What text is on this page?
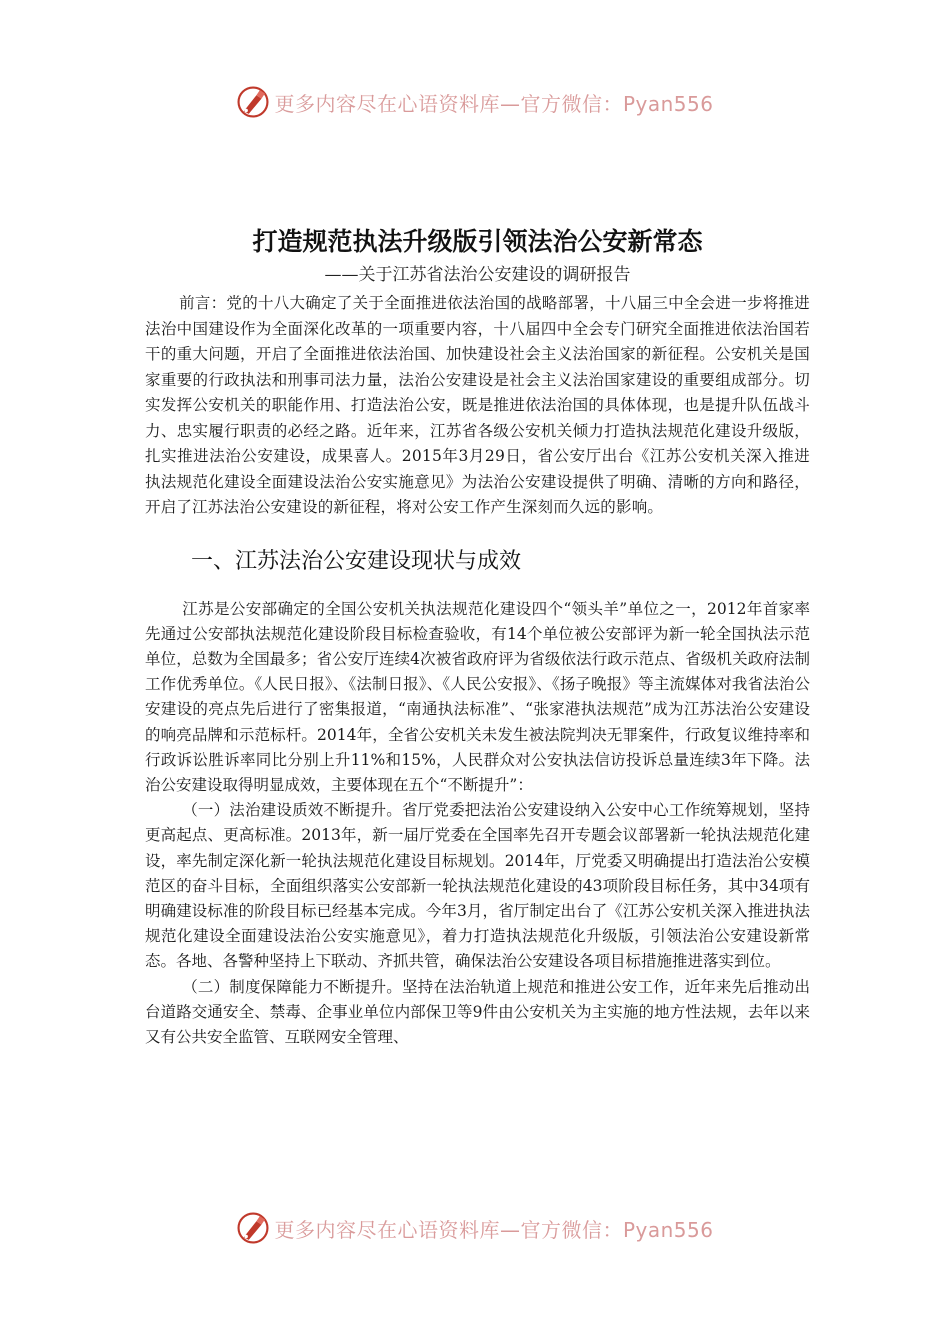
更多内容尽在心语资料库—官方微信：Pyan556
打造规范执法升级版引领法治公安新常态
——关于江苏省法治公安建设的调研报告

前言：党的十八大确定了关于全面推进依法治国的战略部署，十八届三中全会进一步将推进法治中国建设作为全面深化改革的一项重要内容，十八届四中全会专门研究全面推进依法治国若干的重大问题，开启了全面推进依法治国、加快建设社会主义法治国家的新征程。公安机关是国家重要的行政执法和刑事司法力量，法治公安建设是社会主义法治国家建设的重要组成部分。切实发挥公安机关的职能作用、打造法治公安，既是推进依法治国的具体体现，也是提升队伍战斗力、忠实履行职责的必经之路。近年来，江苏省各级公安机关倾力打造执法规范化建设升级版，扎实推进法治公安建设，成果喜人。2015年3月29日，省公安厅出台《江苏公安机关深入推进执法规范化建设全面建设法治公安实施意见》为法治公安建设提供了明确、清晰的方向和路径，开启了江苏法治公安建设的新征程，将对公安工作产生深刻而久远的影响。

一、江苏法治公安建设现状与成效

江苏是公安部确定的全国公安机关执法规范化建设四个“领头羊”单位之一，2012年首家率先通过公安部执法规范化建设阶段目标检查验收，有14个单位被公安部评为新一轮全国执法示范单位，总数为全国最多；省公安厅连续4次被省政府评为省级依法行政示范点、省级机关政府法制工作优秀单位。《人民日报》、《法制日报》、《人民公安报》、《扬子晚报》等主流媒体对我省法治公安建设的亮点先后进行了密集报道，“南通执法标准”、“张家港执法规范”成为江苏法治公安建设的响亮品牌和示范标杆。2014年，全省公安机关未发生被法院判决无罪案件，行政复议维持率和行政诉讼胜诉率同比分别上升11%和15%，人民群众对公安执法信访投诉总量连续3年下降。法治公安建设取得明显成效，主要体现在五个“不断提升”：

（一）法治建设质效不断提升。省厅党委把法治公安建设纳入公安中心工作统筹规划，坚持更高起点、更高标准。2013年，新一届厅党委在全国率先召开专题会议部署新一轮执法规范化建设，率先制定深化新一轮执法规范化建设目标规划。2014年，厅党委又明确提出打造法治公安模范区的奋斗目标，全面组织落实公安部新一轮执法规范化建设的43项阶段目标任务，其中34项有明确建设标准的阶段目标已经基本完成。今年3月，省厅制定出台了《江苏公安机关深入推进执法规范化建设全面建设法治公安实施意见》，着力打造执法规范化升级版，引领法治公安建设新常态。各地、各警种坚持上下联动、齐抓共管，确保法治公安建设各项目标措施推进落实到位。

（二）制度保障能力不断提升。坚持在法治轨道上规范和推进公安工作，近年来先后推动出台道路交通安全、禁毒、企事业单位内部保卫等9件由公安机关为主实施的地方性法规，去年以来又有公共安全监管、互联网安全管理、

更多内容尽在心语资料库—官方微信：Pyan556
